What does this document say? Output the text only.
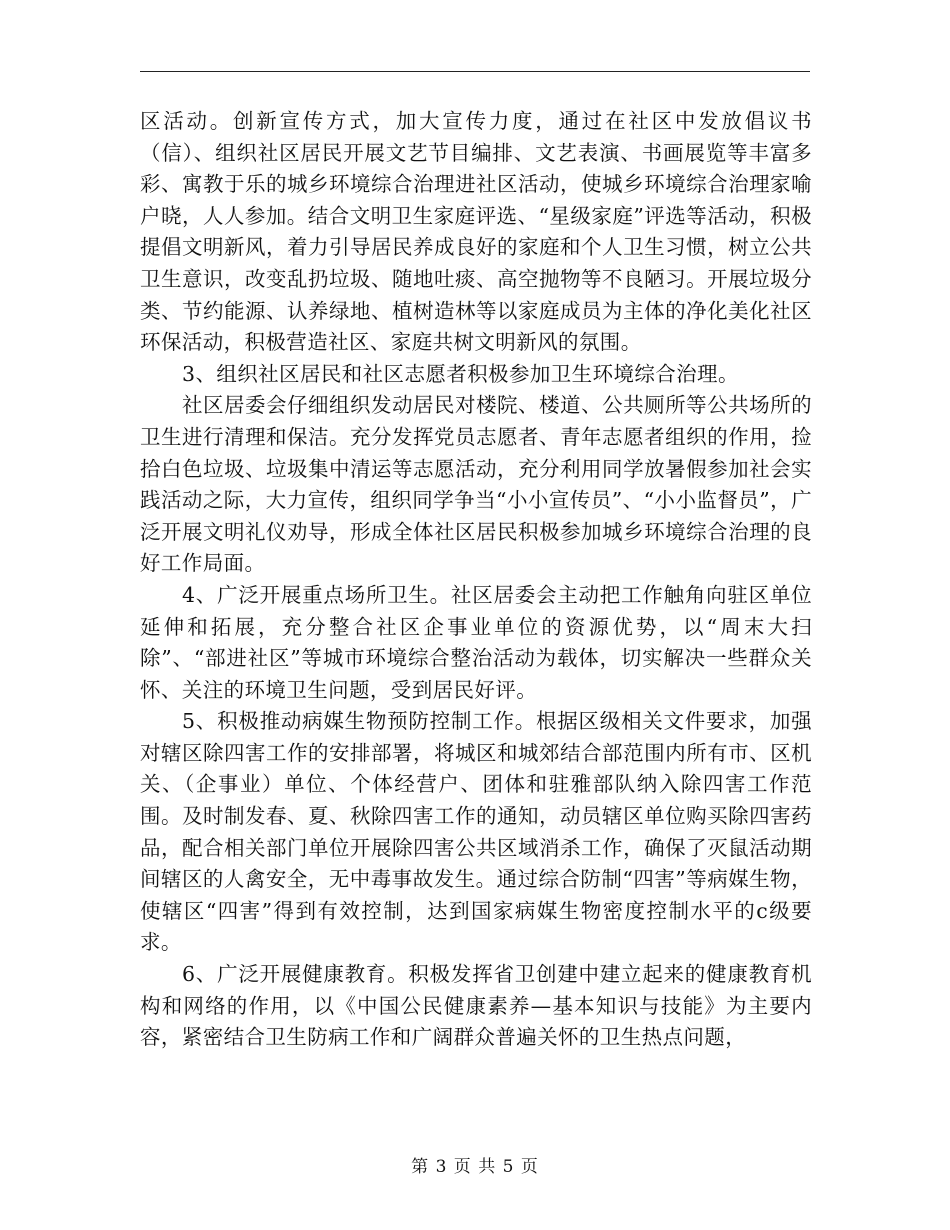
区活动。创新宣传方式，加大宣传力度，通过在社区中发放倡议书（信）、组织社区居民开展文艺节目编排、文艺表演、书画展览等丰富多彩、寓教于乐的城乡环境综合治理进社区活动，使城乡环境综合治理家喻户晓，人人参加。结合文明卫生家庭评选、“星级家庭”评选等活动，积极提倡文明新风，着力引导居民养成良好的家庭和个人卫生习惯，树立公共卫生意识，改变乱扔垃圾、随地吐痰、高空抛物等不良陋习。开展垃圾分类、节约能源、认养绿地、植树造林等以家庭成员为主体的净化美化社区环保活动，积极营造社区、家庭共树文明新风的氛围。

3、组织社区居民和社区志愿者积极参加卫生环境综合治理。

社区居委会仔细组织发动居民对楼院、楼道、公共厕所等公共场所的卫生进行清理和保洁。充分发挥党员志愿者、青年志愿者组织的作用，捡拾白色垃圾、垃圾集中清运等志愿活动，充分利用同学放暑假参加社会实践活动之际，大力宣传，组织同学争当“小小宣传员”、“小小监督员”，广泛开展文明礼仪劝导，形成全体社区居民积极参加城乡环境综合治理的良好工作局面。

4、广泛开展重点场所卫生。社区居委会主动把工作触角向驻区单位延伸和拓展，充分整合社区企事业单位的资源优势，以“周末大扫除”、“部进社区”等城市环境综合整治活动为载体，切实解决一些群众关怀、关注的环境卫生问题，受到居民好评。

5、积极推动病媒生物预防控制工作。根据区级相关文件要求，加强对辖区除四害工作的安排部署，将城区和城郊结合部范围内所有市、区机关、（企事业）单位、个体经营户、团体和驻雅部队纳入除四害工作范围。及时制发春、夏、秋除四害工作的通知，动员辖区单位购买除四害药品，配合相关部门单位开展除四害公共区域消杀工作，确保了灭鼠活动期间辖区的人禽安全，无中毒事故发生。通过综合防制“四害”等病媒生物，使辖区“四害”得到有效控制，达到国家病媒生物密度控制水平的c级要求。

6、广泛开展健康教育。积极发挥省卫创建中建立起来的健康教育机构和网络的作用，以《中国公民健康素养—基本知识与技能》为主要内容，紧密结合卫生防病工作和广阔群众普遍关怀的卫生热点问题，

第 3 页 共 5 页
